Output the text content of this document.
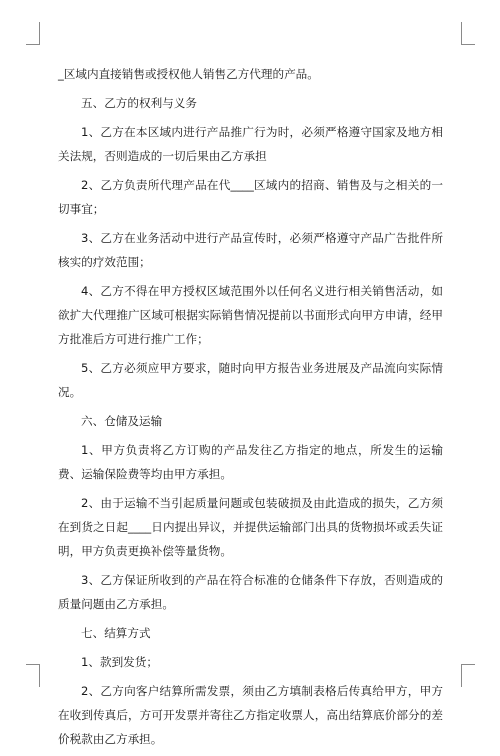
_区域内直接销售或授权他人销售乙方代理的产品。

五、乙方的权利与义务

1、乙方在本区域内进行产品推广行为时，必须严格遵守国家及地方相关法规，否则造成的一切后果由乙方承担

2、乙方负责所代理产品在代____区域内的招商、销售及与之相关的一切事宜；

3、乙方在业务活动中进行产品宣传时，必须严格遵守产品广告批件所核实的疗效范围；

4、乙方不得在甲方授权区域范围外以任何名义进行相关销售活动，如欲扩大代理推广区域可根据实际销售情况提前以书面形式向甲方申请，经甲方批准后方可进行推广工作；

5、乙方必须应甲方要求，随时向甲方报告业务进展及产品流向实际情况。

六、仓储及运输

1、甲方负责将乙方订购的产品发往乙方指定的地点，所发生的运输费、运输保险费等均由甲方承担。

2、由于运输不当引起质量问题或包装破损及由此造成的损失，乙方须在到货之日起____日内提出异议，并提供运输部门出具的货物损坏或丢失证明，甲方负责更换补偿等量货物。

3、乙方保证所收到的产品在符合标准的仓储条件下存放，否则造成的质量问题由乙方承担。

七、结算方式

1、款到发货；

2、乙方向客户结算所需发票，须由乙方填制表格后传真给甲方，甲方在收到传真后，方可开发票并寄往乙方指定收票人，高出结算底价部分的差价税款由乙方承担。
